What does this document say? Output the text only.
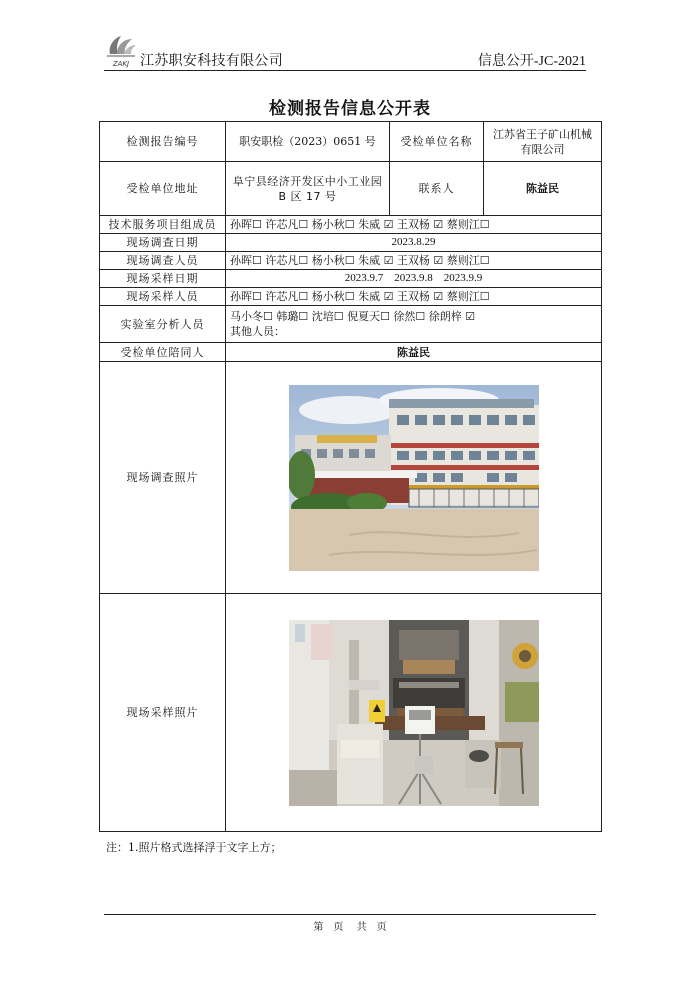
ZAKJ 江苏职安科技有限公司	信息公开-JC-2021
检测报告信息公开表
检测报告编号	职安职检（2023）0651 号	受检单位名称	江苏省王子矿山机械有限公司
受检单位地址	阜宁县经济开发区中小工业园 B 区 17 号	联系人	陈益民
技术服务项目组成员	孙晖☐ 许芯凡☐ 杨小秋☐ 朱威 ☑ 王双杨 ☑ 蔡则江☐		
现场调查日期	2023.8.29		
现场调查人员	孙晖☐ 许芯凡☐ 杨小秋☐ 朱威 ☑ 王双杨 ☑ 蔡则江☐		
现场采样日期	2023.9.7　2023.9.8　2023.9.9		
现场采样人员	孙晖☐ 许芯凡☐ 杨小秋☐ 朱威 ☑ 王双杨 ☑ 蔡则江☐		
实验室分析人员	马小冬☐ 韩璐☐ 沈培☐ 倪夏天☐ 徐然☐ 徐朗梓 ☑
其他人员：		

受检单位陪同人	陈益民		
现场调查照片	

现场采样照片	
注：1.照片格式选择浮于文字上方；
第　页 共　页
